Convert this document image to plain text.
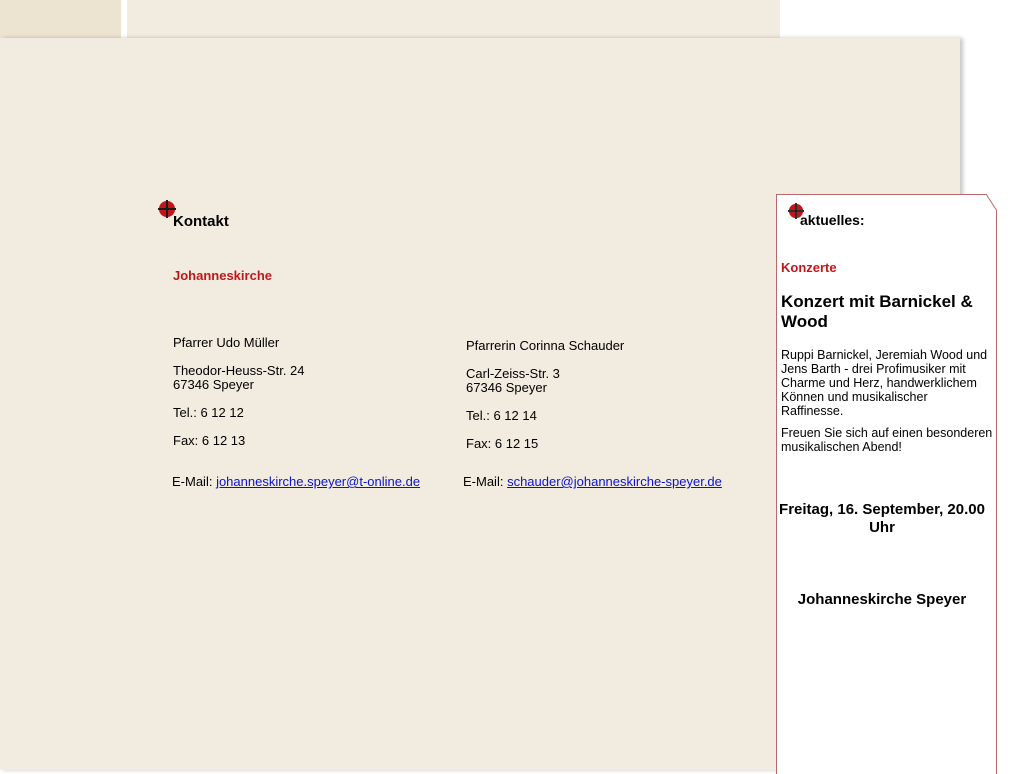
Kontakt
Johanneskirche

Pfarrer Udo Müller

Theodor-Heuss-Str. 24

67346 Speyer

Tel.: 6 12 12

Fax: 6 12 13

Pfarrerin Corinna Schauder

Carl-Zeiss-Str. 3

67346 Speyer

Tel.: 6 12 14

Fax: 6 12 15

E-Mail: johanneskirche.speyer@t-online.de	E-Mail: schauder@johanneskirche-speyer.de
aktuelles:
Konzerte
Konzert mit Barnickel & Wood

Ruppi Barnickel, Jeremiah Wood und Jens Barth - drei Profimusiker mit Charme und Herz, handwerklichem Können und musikalischer Raffinesse.

Freuen Sie sich auf einen besonderen musikalischen Abend!

Freitag, 16. September, 20.00 Uhr
Johanneskirche Speyer
